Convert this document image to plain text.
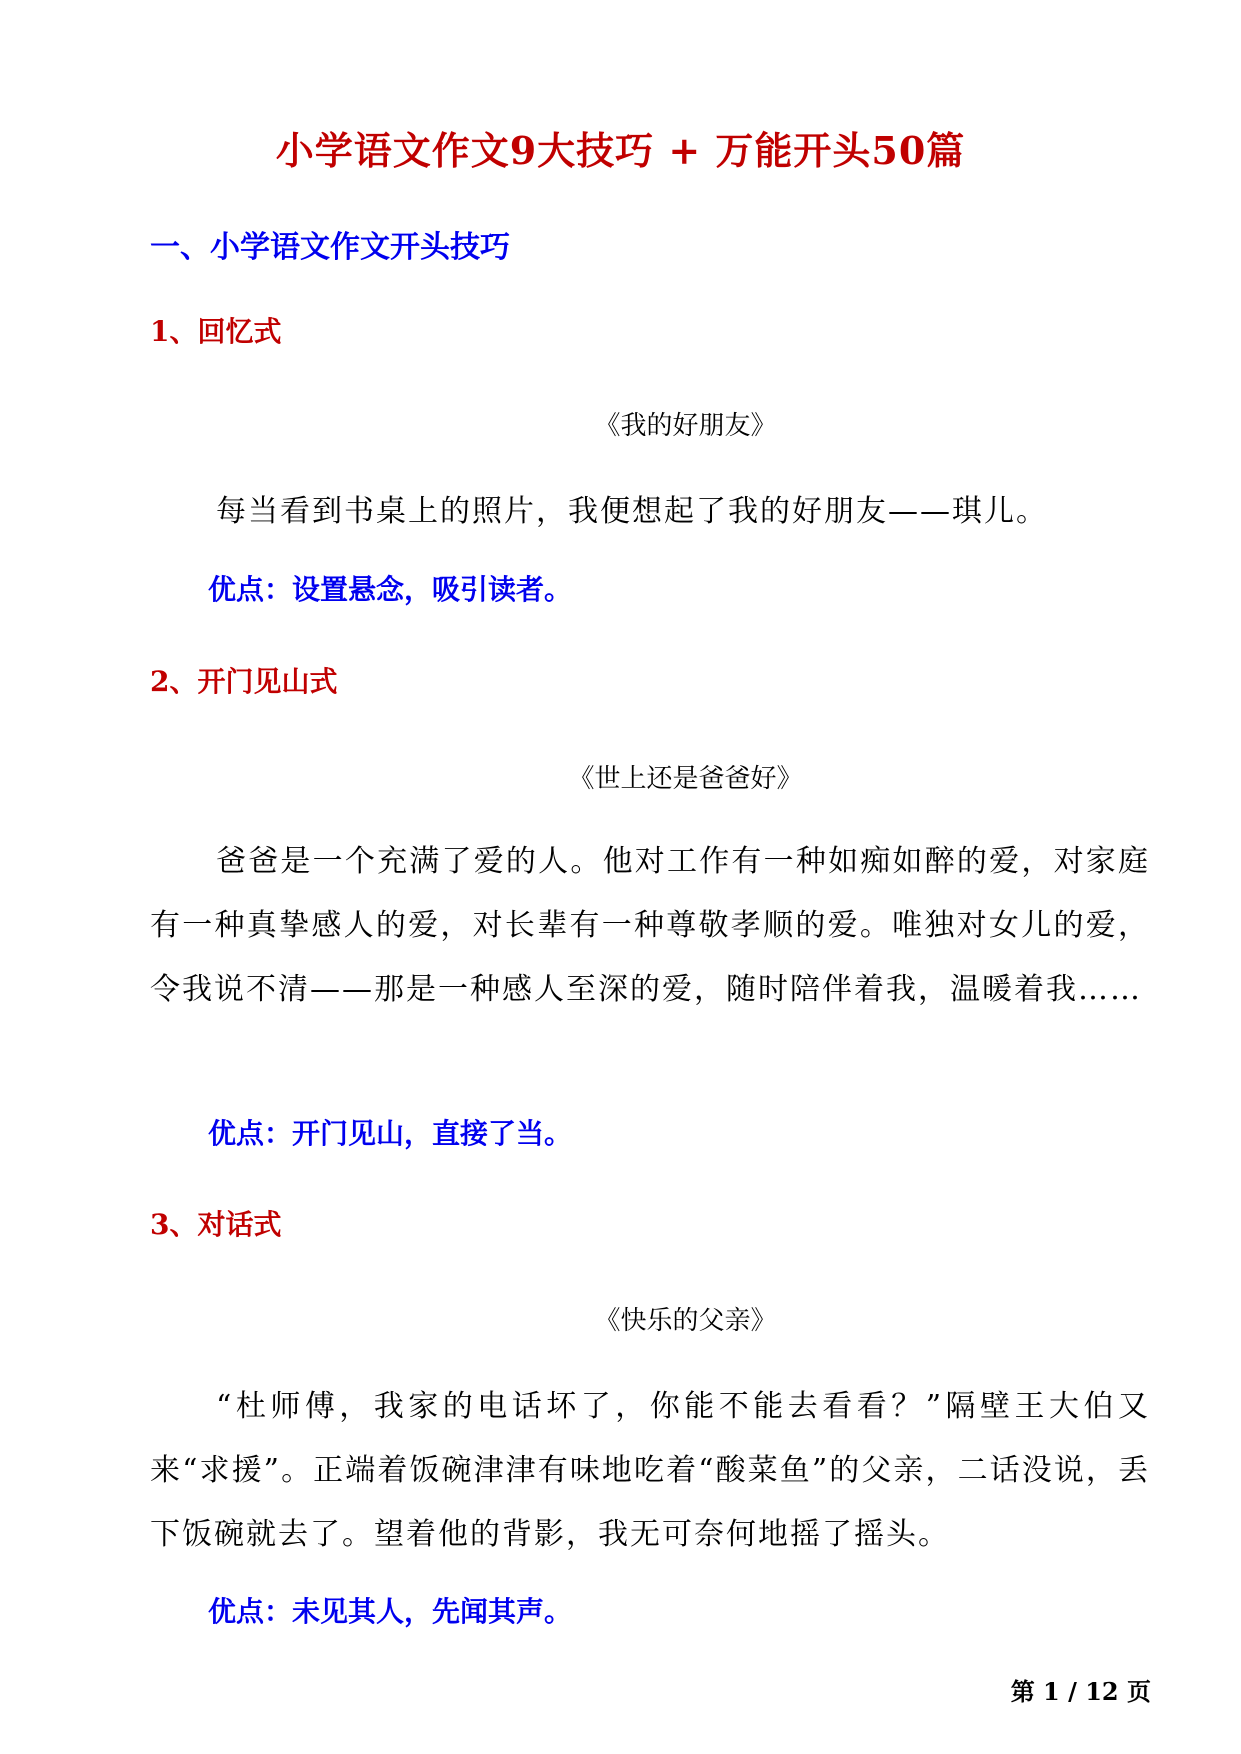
小学语文作文9大技巧 + 万能开头50篇
一、小学语文作文开头技巧
1、回忆式
《我的好朋友》
每当看到书桌上的照片，我便想起了我的好朋友——琪儿。
优点：设置悬念，吸引读者。
2、开门见山式
《世上还是爸爸好》
爸爸是一个充满了爱的人。他对工作有一种如痴如醉的爱，对家庭有一种真挚感人的爱，对长辈有一种尊敬孝顺的爱。唯独对女儿的爱，令我说不清——那是一种感人至深的爱，随时陪伴着我，温暖着我……
优点：开门见山，直接了当。
3、对话式
《快乐的父亲》
“杜师傅，我家的电话坏了，你能不能去看看？”隔壁王大伯又来“求援”。正端着饭碗津津有味地吃着“酸菜鱼”的父亲，二话没说，丢下饭碗就去了。望着他的背影，我无可奈何地摇了摇头。
优点：未见其人，先闻其声。
第 1 / 12 页
